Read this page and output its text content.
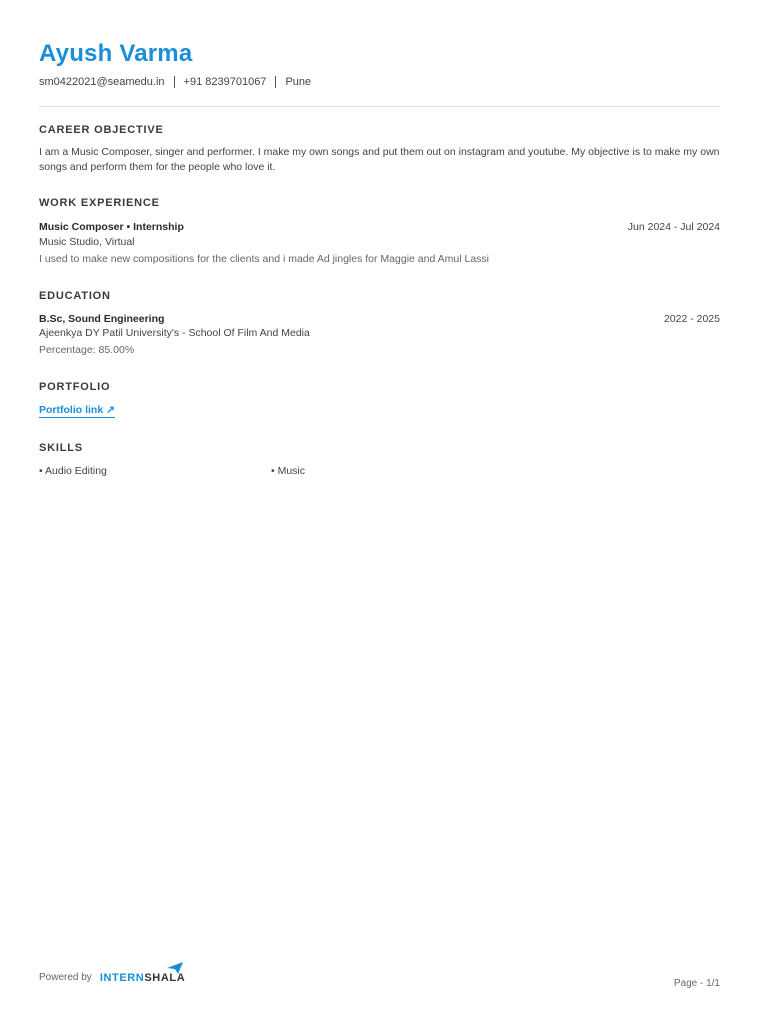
Ayush Varma
sm0422021@seamedu.in +91 8239701067 Pune
CAREER OBJECTIVE
I am a Music Composer, singer and performer. I make my own songs and put them out on instagram and youtube. My objective is to make my own songs and perform them for the people who love it.
WORK EXPERIENCE
Music Composer • Internship	Jun 2024 - Jul 2024
Music Studio, Virtual
I used to make new compositions for the clients and i made Ad jingles for Maggie and Amul Lassi
EDUCATION
B.Sc, Sound Engineering	2022 - 2025
Ajeenkya DY Patil University's - School Of Film And Media
Percentage: 85.00%
PORTFOLIO
Portfolio link ↗
SKILLS
• Audio Editing	• Music
Powered by INTERNSHALA	Page - 1/1
